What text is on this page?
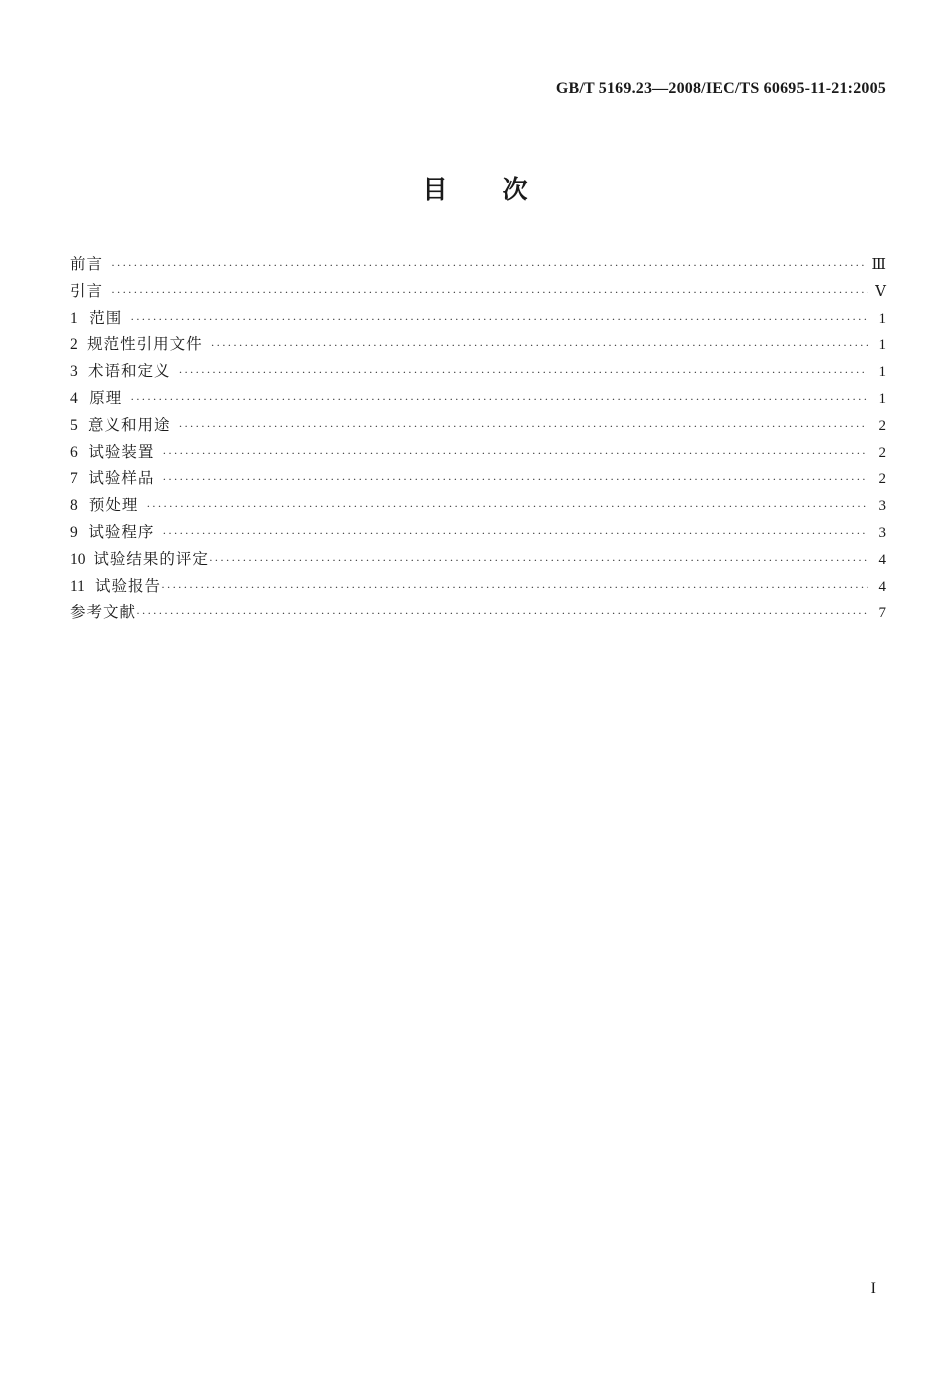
GB/T 5169.23—2008/IEC/TS 60695-11-21:2005
目次
前言 ·····	Ⅲ
引言 ·····	Ⅴ
1 范围 ·····	1
2 规范性引用文件 ·····	1
3 术语和定义 ·····	1
4 原理 ·····	1
5 意义和用途 ·····	2
6 试验装置 ·····	2
7 试验样品 ·····	2
8 预处理 ·····	3
9 试验程序 ·····	3
10 试验结果的评定 ·····	4
11 试验报告 ·····	4
参考文献 ·····	7
I
